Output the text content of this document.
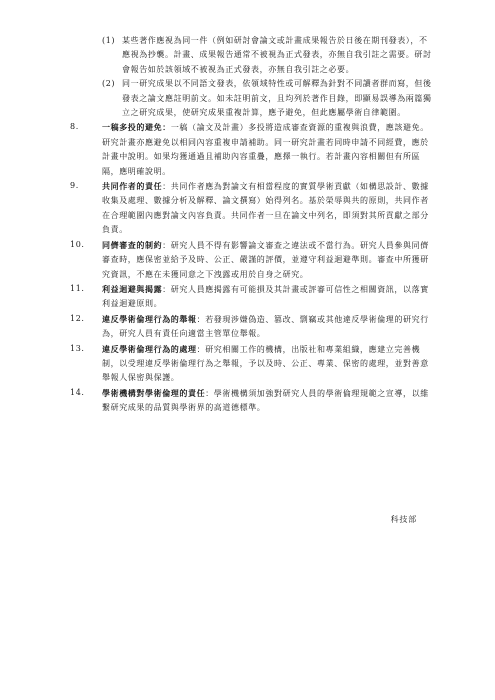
(1) 某些著作應視為同一件（例如研討會論文或計畫成果報告於日後在期刊發表），不應視為抄襲。計畫、成果報告通常不被視為正式發表，亦無自我引註之需要。研討會報告如於該領域不被視為正式發表，亦無自我引註之必要。
(2) 同一研究成果以不同語文發表，依領域特性或可解釋為針對不同讀者群而寫，但後發表之論文應註明前文。如未註明前文，且均列於著作目錄，即顯易誤導為兩篇獨立之研究成果，使研究成果重複計算，應予避免，但此應屬學術自律範圍。
8.	一稿多投的避免：一稿（論文及計畫）多投將造成審查資源的重複與浪費，應該避免。研究計畫亦應避免以相同內容重複申請補助。同一研究計畫若同時申請不同經費，應於計畫中說明。如果均獲通過且補助內容重疊，應擇一執行。若計畫內容相關但有所區隔，應明確說明。
9.	共同作者的責任：共同作者應為對論文有相當程度的實質學術貢獻（如構思設計、數據收集及處理、數據分析及解釋、論文撰寫）始得列名。基於榮辱與共的原則，共同作者在合理範圍內應對論文內容負責。共同作者一旦在論文中列名，即須對其所貢獻之部分負責。
10.	同儕審查的制約：研究人員不得有影響論文審查之違法或不當行為。研究人員參與同儕審查時，應保密並給予及時、公正、嚴謹的評價，並遵守利益迴避準則。審查中所獲研究資訊，不應在未獲同意之下洩露或用於自身之研究。
11.	利益迴避與揭露：研究人員應揭露有可能損及其計畫或評審可信性之相關資訊，以落實利益迴避原則。
12.	違反學術倫理行為的舉報：若發現涉嫌偽造、篡改、剽竊或其他違反學術倫理的研究行為，研究人員有責任向適當主管單位舉報。
13.	違反學術倫理行為的處理：研究相關工作的機構，出版社和專業組織，應建立完善機制，以受理違反學術倫理行為之舉報，予以及時、公正、專業、保密的處理，並對善意舉報人保密與保護。
14.	學術機構對學術倫理的責任：學術機構須加強對研究人員的學術倫理規範之宣導，以維繫研究成果的品質與學術界的高道德標準。
科技部
